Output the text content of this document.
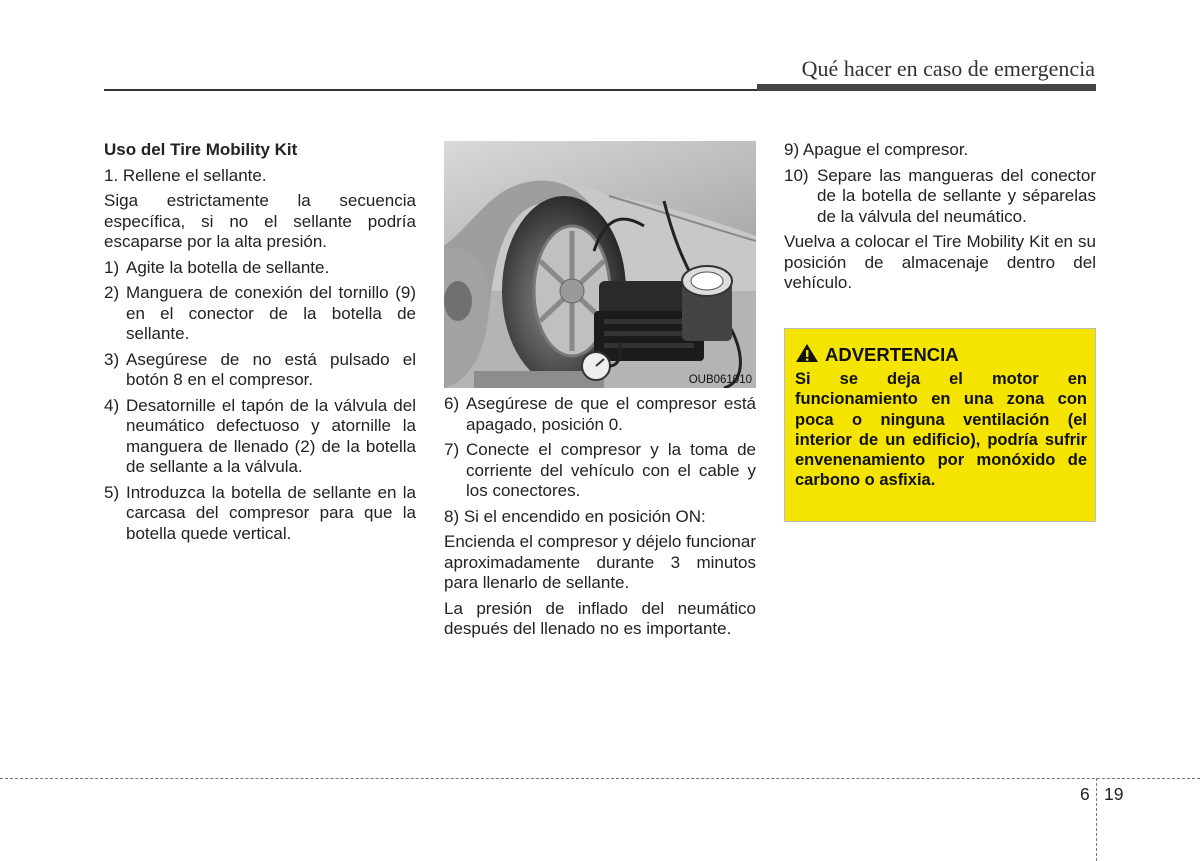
Qué hacer en caso de emergencia

Uso del Tire Mobility Kit

1. Rellene el sellante.

Siga estrictamente la secuencia específica, si no el sellante podría escaparse por la alta presión.

1) Agite la botella de sellante.
2) Manguera de conexión del tornillo (9) en el conector de la botella de sellante.
3) Asegúrese de no está pulsado el botón 8 en el compresor.
4) Desatornille el tapón de la válvula del neumático defectuoso y atornille la manguera de llenado (2) de la botella de sellante a la válvula.
5) Introduzca la botella de sellante en la carcasa del compresor para que la botella quede vertical.
OUB061010
6) Asegúrese de que el compresor está apagado, posición 0.
7) Conecte el compresor y la toma de corriente del vehículo con el cable y los conectores.

8) Si el encendido en posición ON:

Encienda el compresor y déjelo funcionar aproximadamente durante 3 minutos para llenarlo de sellante.

La presión de inflado del neumático después del llenado no es importante.

9) Apague el compresor.

10) Separe las mangueras del conector de la botella de sellante y séparelas de la válvula del neumático.

Vuelva a colocar el Tire Mobility Kit en su posición de almacenaje dentro del vehículo.

ADVERTENCIA
Si se deja el motor en funcionamiento en una zona con poca o ninguna ventilación (el interior de un edificio), podría sufrir envenenamiento por monóxido de carbono o asfixia.
6 19
